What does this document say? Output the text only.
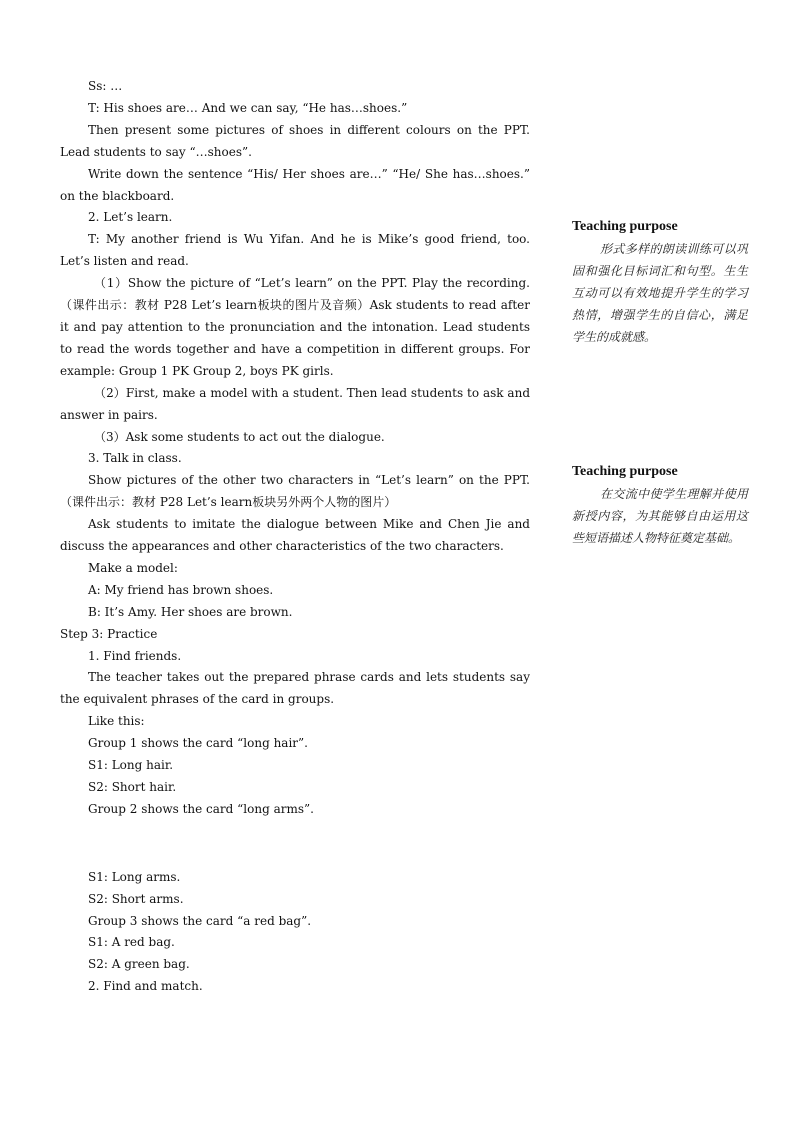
Ss: …

T: His shoes are… And we can say, “He has…shoes.”

Then present some pictures of shoes in different colours on the PPT. Lead students to say “…shoes”.

Write down the sentence “His/ Her shoes are…” “He/ She has…shoes.” on the blackboard.

2. Let’s learn.

T: My another friend is Wu Yifan. And he is Mike’s good friend, too. Let’s listen and read.

（1）Show the picture of “Let’s learn” on the PPT. Play the recording.（课件出示：教材 P28 Let’s learn板块的图片及音频）Ask students to read after it and pay attention to the pronunciation and the intonation. Lead students to read the words together and have a competition in different groups. For example: Group 1 PK Group 2, boys PK girls.

（2）First, make a model with a student. Then lead students to ask and answer in pairs.

（3）Ask some students to act out the dialogue.

3. Talk in class.

Show pictures of the other two characters in “Let’s learn” on the PPT.（课件出示：教材 P28 Let’s learn板块另外两个人物的图片）

Ask students to imitate the dialogue between Mike and Chen Jie and discuss the appearances and other characteristics of the two characters.

Make a model:

A: My friend has brown shoes.

B: It’s Amy. Her shoes are brown.

Step 3: Practice

1. Find friends.

The teacher takes out the prepared phrase cards and lets students say the equivalent phrases of the card in groups.

Like this:

Group 1 shows the card “long hair”.

S1: Long hair.

S2: Short hair.

Group 2 shows the card “long arms”.

S1: Long arms.

S2: Short arms.

Group 3 shows the card “a red bag”.

S1: A red bag.

S2: A green bag.

2. Find and match.

Teaching purpose

形式多样的朗读训练可以巩固和强化目标词汇和句型。生生互动可以有效地提升学生的学习热情，增强学生的自信心，满足学生的成就感。

Teaching purpose

在交流中使学生理解并使用新授内容，为其能够自由运用这些短语描述人物特征奠定基础。
